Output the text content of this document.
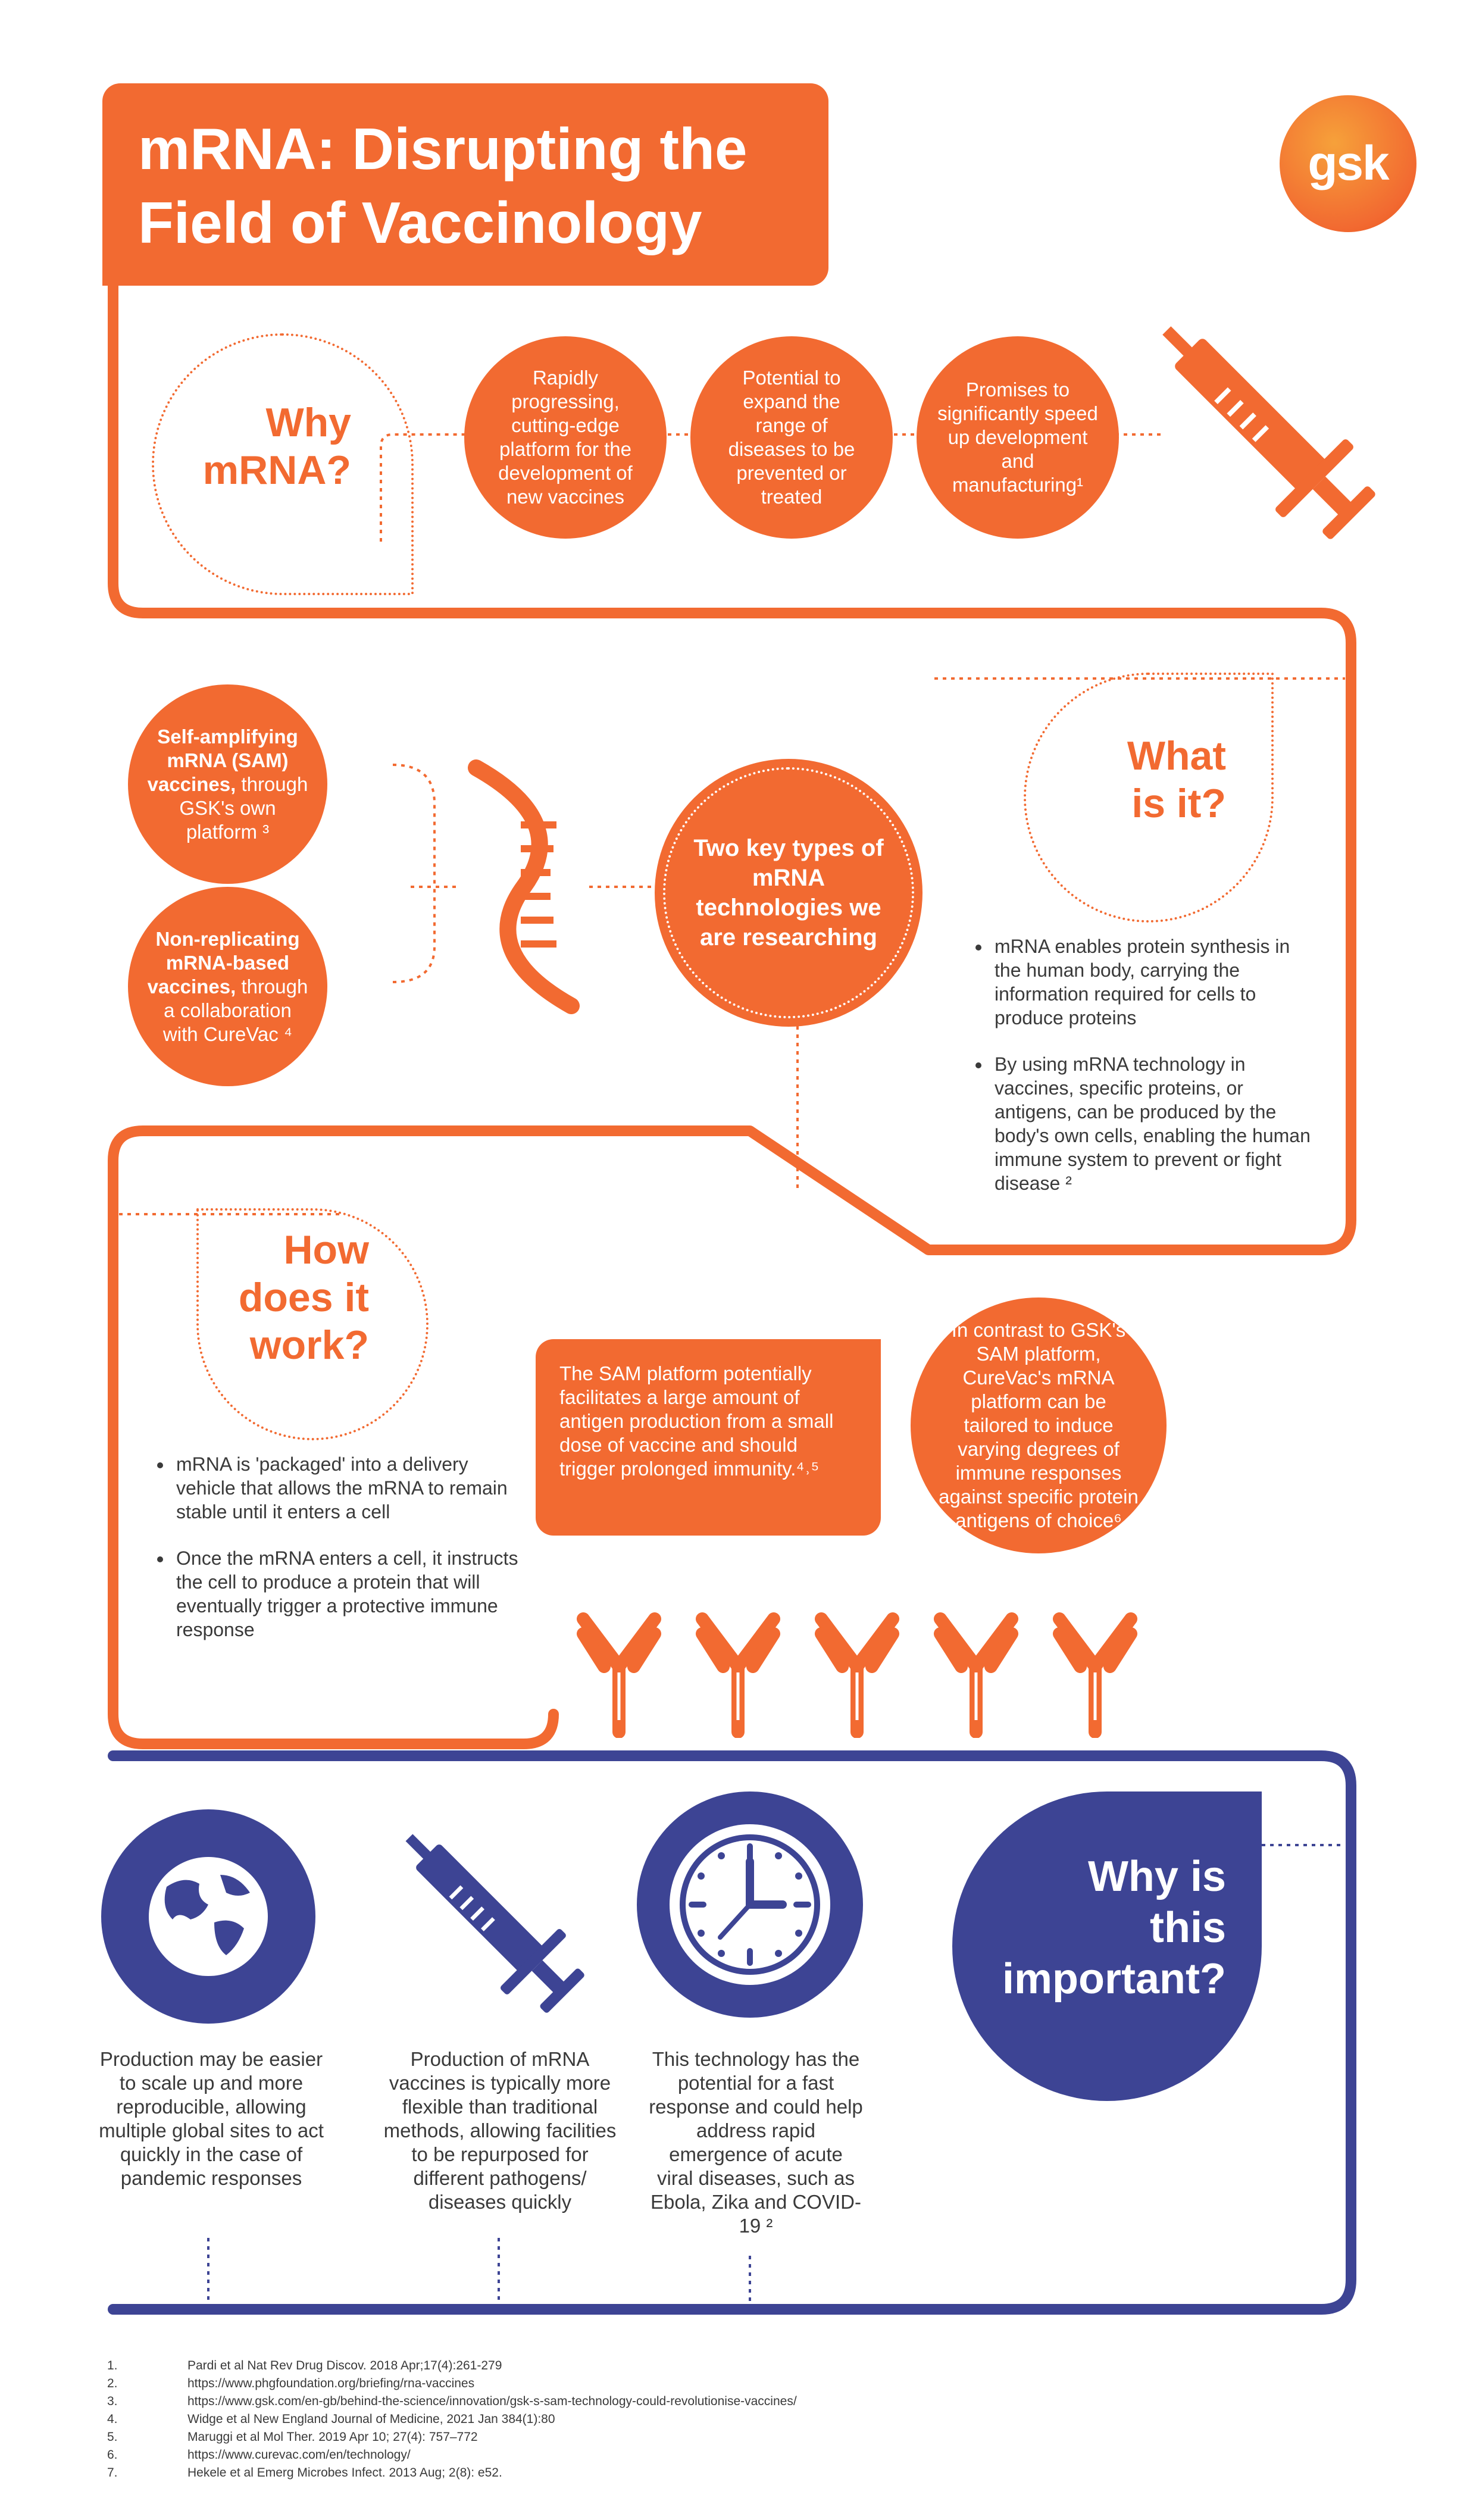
mRNA: Disrupting the
Field of Vaccinology
gsk
Why
mRNA?
Rapidly progressing, cutting-edge platform for the development of new vaccines
Potential to expand the range of diseases to be prevented or treated
Promises to significantly speed up development and manufacturing¹
Self-amplifying mRNA (SAM) vaccines, through GSK's own platform ³
Non-replicating mRNA-based vaccines, through a collaboration with CureVac ⁴
Two key types of mRNA technologies we are researching
What
is it?
• mRNA enables protein synthesis in the human body, carrying the information required for cells to produce proteins
• By using mRNA technology in vaccines, specific proteins, or antigens, can be produced by the body's own cells, enabling the human immune system to prevent or fight disease ²
How
does it
work?
• mRNA is 'packaged' into a delivery vehicle that allows the mRNA to remain stable until it enters a cell
• Once the mRNA enters a cell, it instructs the cell to produce a protein that will eventually trigger a protective immune response
The SAM platform potentially facilitates a large amount of antigen production from a small dose of vaccine and should trigger prolonged immunity.⁴˒⁵
In contrast to GSK's SAM platform, CureVac's mRNA platform can be tailored to induce varying degrees of immune responses against specific protein antigens of choice⁶
Why is
this
important?
Production may be easier to scale up and more reproducible, allowing multiple global sites to act quickly in the case of pandemic responses
Production of mRNA vaccines is typically more flexible than traditional methods, allowing facilities to be repurposed for different pathogens/ diseases quickly
This technology has the potential for a fast response and could help address rapid emergence of acute viral diseases, such as Ebola, Zika and COVID-19 ²
1.	Pardi et al Nat Rev Drug Discov. 2018 Apr;17(4):261-279
2.	https://www.phgfoundation.org/briefing/rna-vaccines
3.	https://www.gsk.com/en-gb/behind-the-science/innovation/gsk-s-sam-technology-could-revolutionise-vaccines/
4.	Widge et al New England Journal of Medicine, 2021 Jan 384(1):80
5.	Maruggi et al Mol Ther. 2019 Apr 10; 27(4): 757–772
6.	https://www.curevac.com/en/technology/
7.	Hekele et al Emerg Microbes Infect. 2013 Aug; 2(8): e52.
